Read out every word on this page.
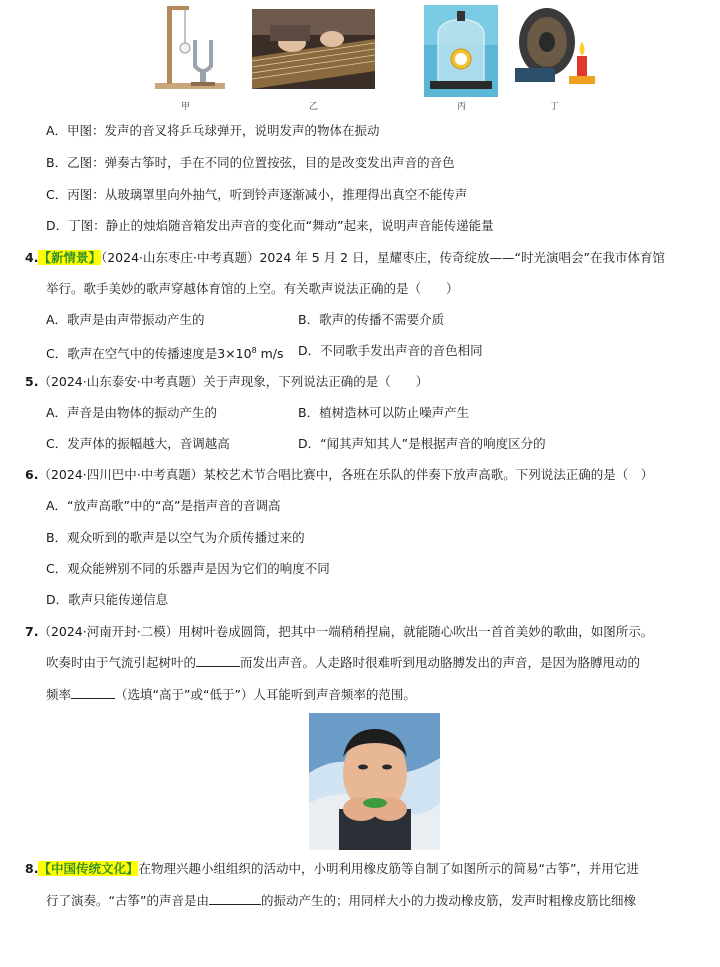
甲	乙	丙	丁
A．甲图：发声的音叉将乒乓球弹开，说明发声的物体在振动
B．乙图：弹奏古筝时，手在不同的位置按弦，目的是改变发出声音的音色
C．丙图：从玻璃罩里向外抽气，听到铃声逐渐减小，推理得出真空不能传声
D．丁图：静止的烛焰随音箱发出声音的变化而“舞动”起来，说明声音能传递能量
4.【新情景】（2024·山东枣庄·中考真题）2024 年 5 月 2 日，星耀枣庄，传奇绽放——“时光演唱会”在我市体育馆
举行。歌手美妙的歌声穿越体育馆的上空。有关歌声说法正确的是（　　）
A．歌声是由声带振动产生的	B．歌声的传播不需要介质
C．歌声在空气中的传播速度是$3\times 10^8$ m/s D．不同歌手发出声音的音色相同
5.（2024·山东泰安·中考真题）关于声现象，下列说法正确的是（　　）
A．声音是由物体的振动产生的	B．植树造林可以防止噪声产生
C．发声体的振幅越大，音调越高	D．“闻其声知其人”是根据声音的响度区分的
6.（2024·四川巴中·中考真题）某校艺术节合唱比赛中，各班在乐队的伴奏下放声高歌。下列说法正确的是（　）
A．“放声高歌”中的“高”是指声音的音调高
B．观众听到的歌声是以空气为介质传播过来的
C．观众能辨别不同的乐器声是因为它们的响度不同
D．歌声只能传递信息
7.（2024·河南开封·二模）用树叶卷成圆筒，把其中一端稍稍捏扁，就能随心吹出一首首美妙的歌曲，如图所示。
吹奏时由于气流引起树叶的	而发出声音。人走路时很难听到甩动胳膊发出的声音，是因为胳膊甩动的
频率	（选填“高于”或“低于”）人耳能听到声音频率的范围。
8.【中国传统文化】在物理兴趣小组组织的活动中，小明利用橡皮筋等自制了如图所示的简易“古筝”，并用它进
行了演奏。“古筝”的声音是由	的振动产生的；用同样大小的力拨动橡皮筋，发声时粗橡皮筋比细橡
